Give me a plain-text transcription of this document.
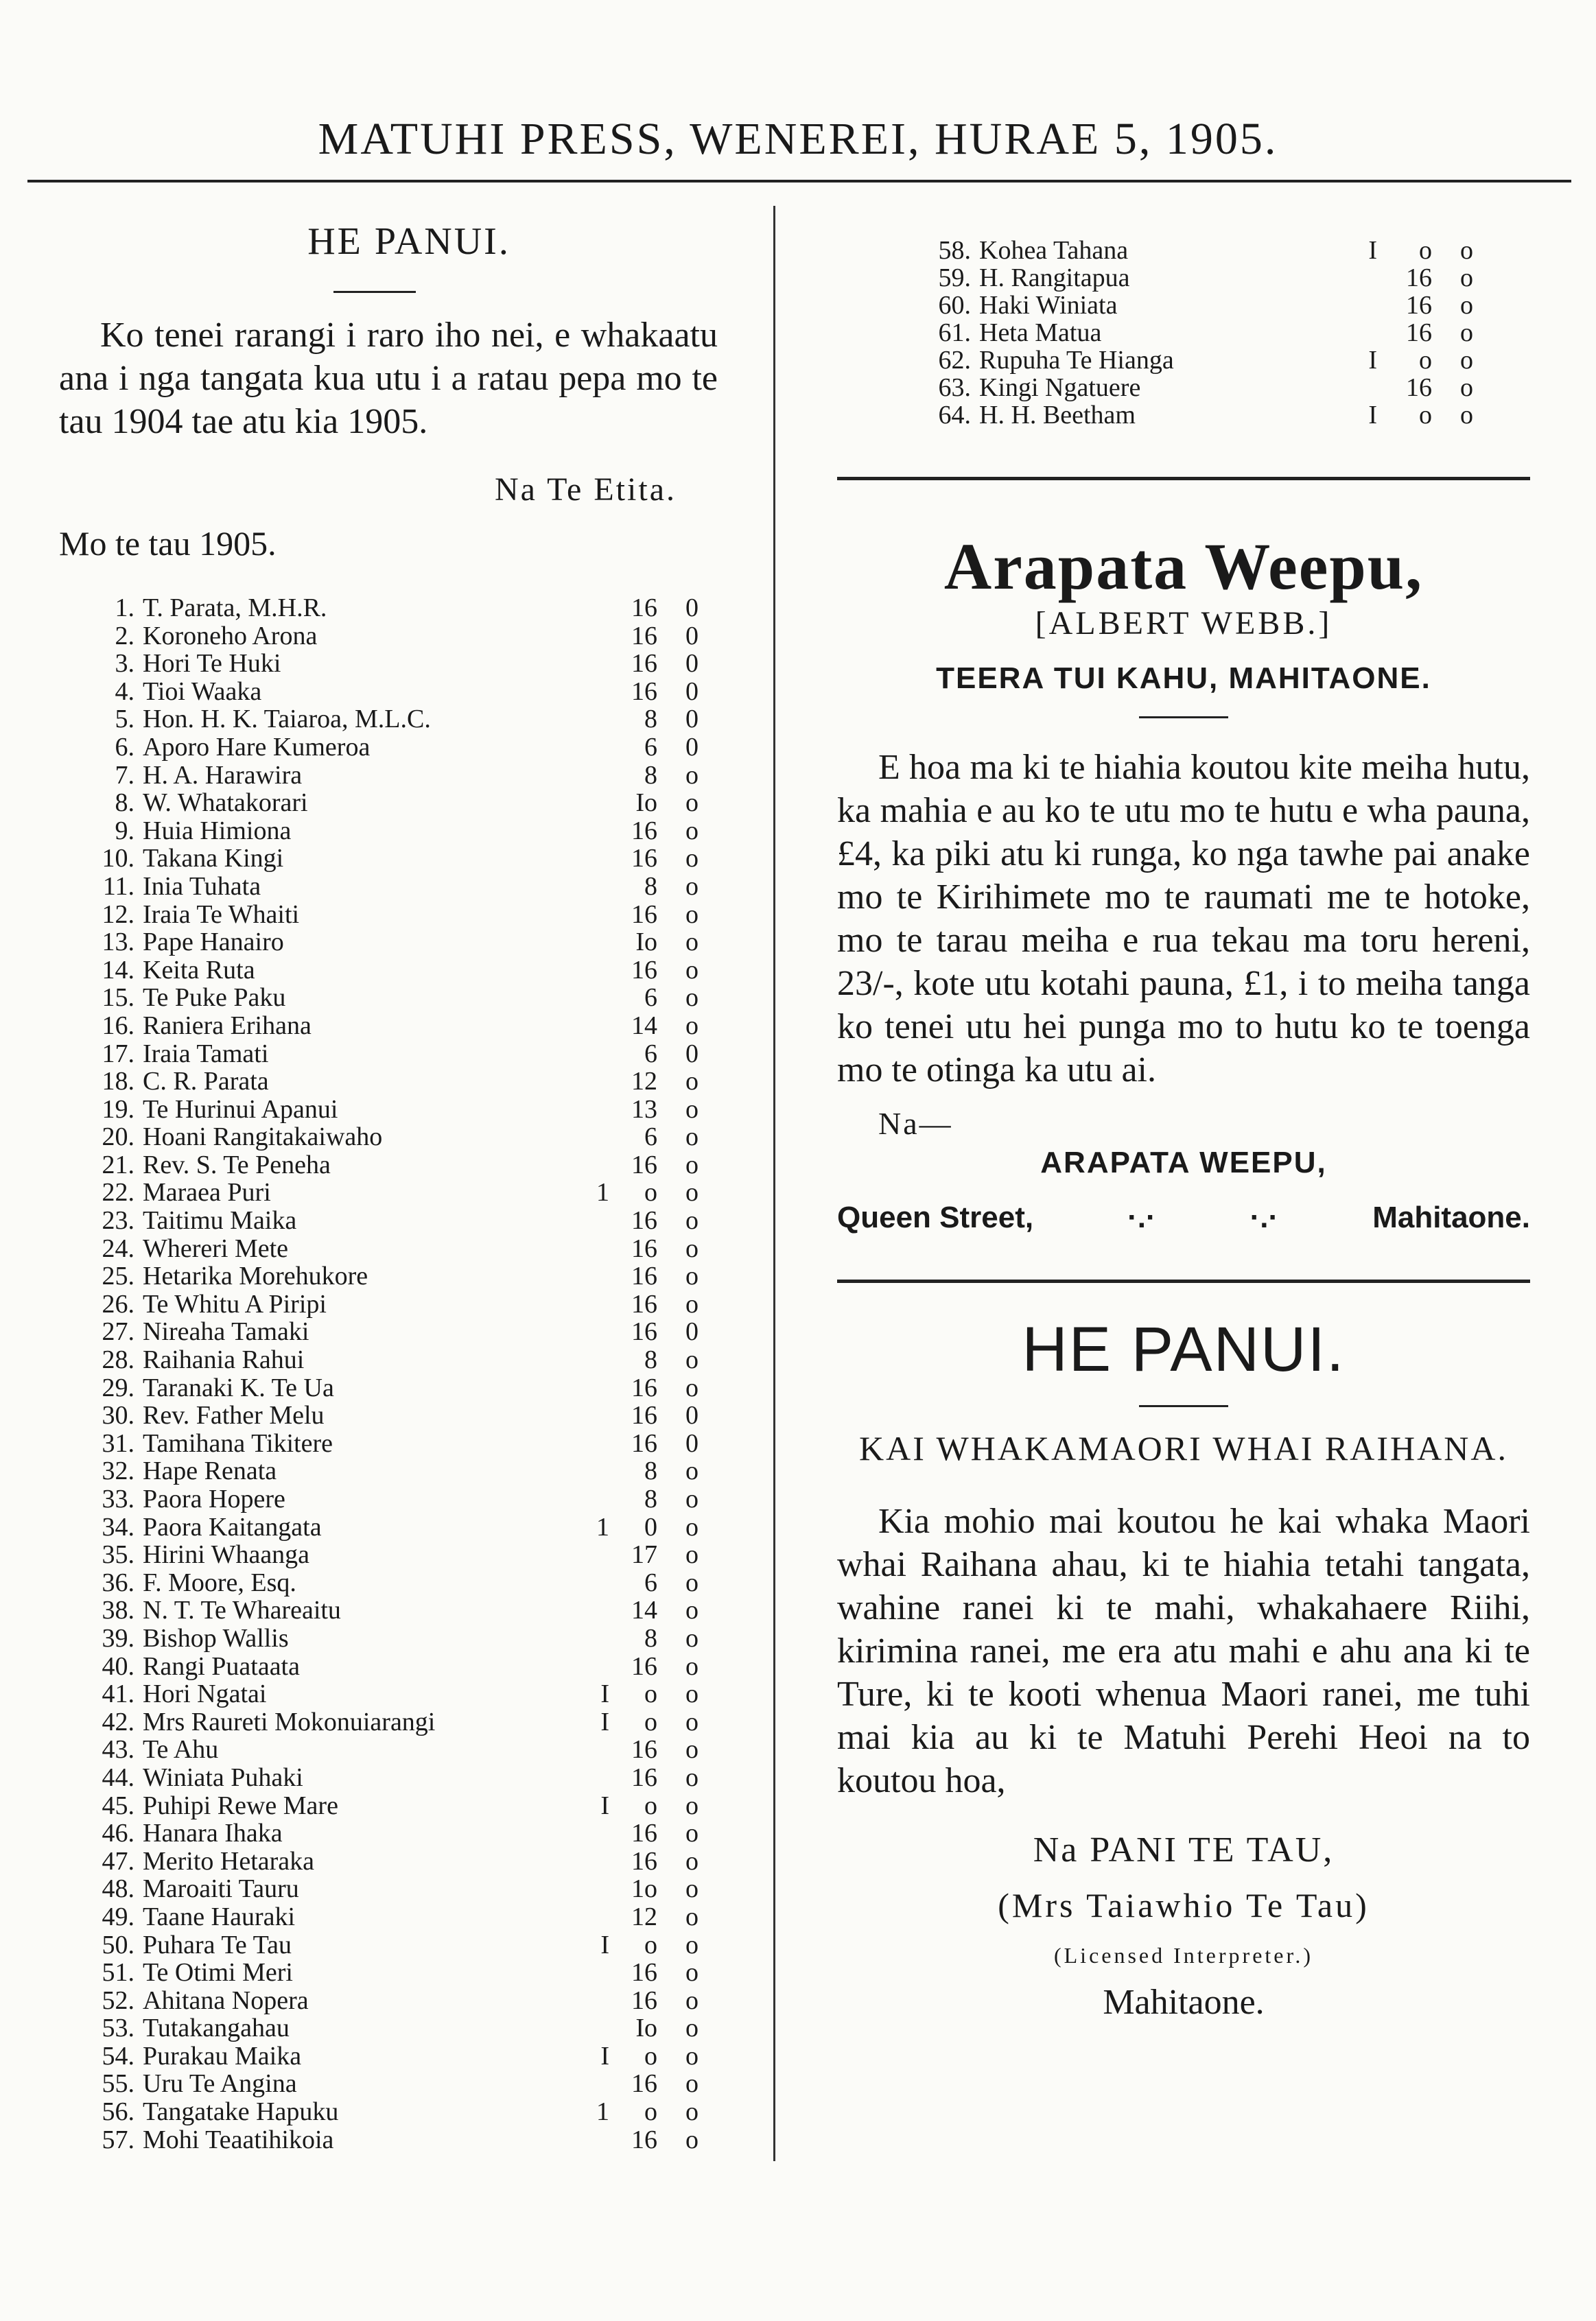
MATUHI PRESS, WENEREI, HURAE 5, 1905.
HE PANUI.
Ko tenei rarangi i raro iho nei, e whakaatu ana i nga tangata kua utu i a ratau pepa mo te tau 1904 tae atu kia 1905.
Na Te Etita.
Mo te tau 1905.
1. T. Parata, M.H.R.	16	0
2. Koroneho Arona	16	0
3. Hori Te Huki	16	0
4. Tioi Waaka	16	0
5. Hon. H. K. Taiaroa, M.L.C.	8	0
6. Aporo Hare Kumeroa	6	0
7. H. A. Harawira	8	o
8. W. Whatakorari	Io	o
9. Huia Himiona	16	o
10. Takana Kingi	16	o
11. Inia Tuhata	8	o
12. Iraia Te Whaiti	16	o
13. Pape Hanairo	Io	o
14. Keita Ruta	16	o
15. Te Puke Paku	6	o
16. Raniera Erihana	14	o
17. Iraia Tamati	6	0
18. C. R. Parata	12	o
19. Te Hurinui Apanui	13	o
20. Hoani Rangitakaiwaho	6	o
21. Rev. S. Te Peneha	16	o
22. Maraea Puri	1	o	o
23. Taitimu Maika	16	o
24. Whereri Mete	16	o
25. Hetarika Morehukore	16	o
26. Te Whitu A Piripi	16	o
27. Nireaha Tamaki	16	0
28. Raihania Rahui	8	o
29. Taranaki K. Te Ua	16	o
30. Rev. Father Melu	16	0
31. Tamihana Tikitere	16	0
32. Hape Renata	8	o
33. Paora Hopere	8	o
34. Paora Kaitangata	1	0	o
35. Hirini Whaanga	17	o
36. F. Moore, Esq.	6	o
38. N. T. Te Whareaitu	14	o
39. Bishop Wallis	8	o
40. Rangi Puataata	16	o
41. Hori Ngatai	I	o	o
42. Mrs Raureti Mokonuiarangi	I	o	o
43. Te Ahu	16	o
44. Winiata Puhaki	16	o
45. Puhipi Rewe Mare	I	o	o
46. Hanara Ihaka	16	o
47. Merito Hetaraka	16	o
48. Maroaiti Tauru	1o	o
49. Taane Hauraki	12	o
50. Puhara Te Tau	I	o	o
51. Te Otimi Meri	16	o
52. Ahitana Nopera	16	o
53. Tutakangahau	Io	o
54. Purakau Maika	I	o	o
55. Uru Te Angina	16	o
56. Tangatake Hapuku	1	o	o
57. Mohi Teaatihikoia	16	o
58. Kohea Tahana	I	o	o
59. H. Rangitapua	16	o
60. Haki Winiata	16	o
61. Heta Matua	16	o
62. Rupuha Te Hianga	I	o	o
63. Kingi Ngatuere	16	o
64. H. H. Beetham	I	o	o
Arapata Weepu,
[ALBERT WEBB.]
TEERA TUI KAHU, MAHITAONE.
E hoa ma ki te hiahia koutou kite meiha hutu, ka mahia e au ko te utu mo te hutu e wha pauna, £4, ka piki atu ki runga, ko nga tawhe pai anake mo te Kirihimete mo te raumati me te hotoke, mo te tarau meiha e rua tekau ma toru hereni, 23/-, kote utu kotahi pauna, £1, i to meiha tanga ko tenei utu hei punga mo to hutu ko te toenga mo te otinga ka utu ai.
Na—
ARAPATA WEEPU,
Queen Street,	·.·	·.·	Mahitaone.
HE PANUI.
KAI WHAKAMAORI WHAI RAIHANA.
Kia mohio mai koutou he kai whaka Maori whai Raihana ahau, ki te hiahia tetahi tangata, wahine ranei ki te mahi, whakahaere Riihi, kirimina ranei, me era atu mahi e ahu ana ki te Ture, ki te kooti whenua Maori ranei, me tuhi mai kia au ki te Matuhi Perehi Heoi na to koutou hoa,
Na PANI TE TAU,
(Mrs Taiawhio Te Tau)
(Licensed Interpreter.)
Mahitaone.
